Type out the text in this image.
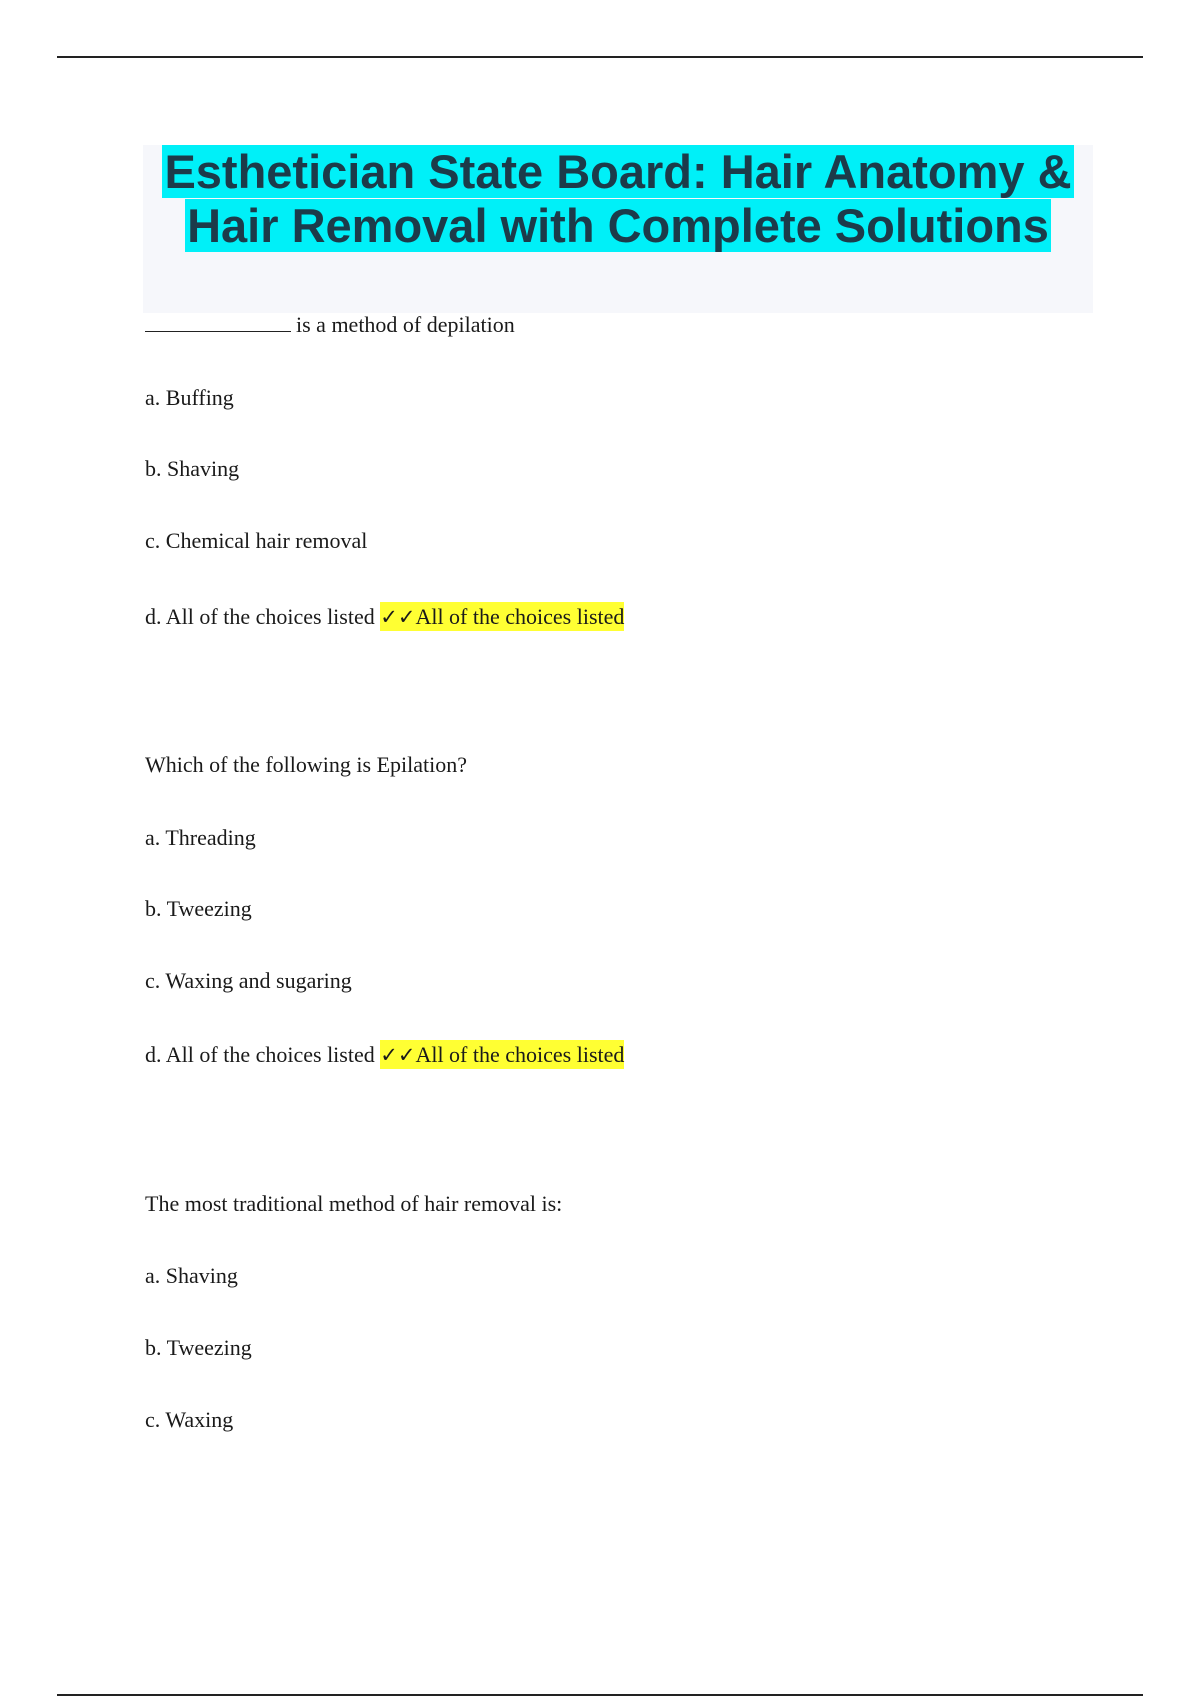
Esthetician State Board: Hair Anatomy &
Hair Removal with Complete Solutions
is a method of depilation
a. Buffing
b. Shaving
c. Chemical hair removal
d. All of the choices listed ✓✓All of the choices listed
Which of the following is Epilation?
a. Threading
b. Tweezing
c. Waxing and sugaring
d. All of the choices listed ✓✓All of the choices listed
The most traditional method of hair removal is:
a. Shaving
b. Tweezing
c. Waxing
